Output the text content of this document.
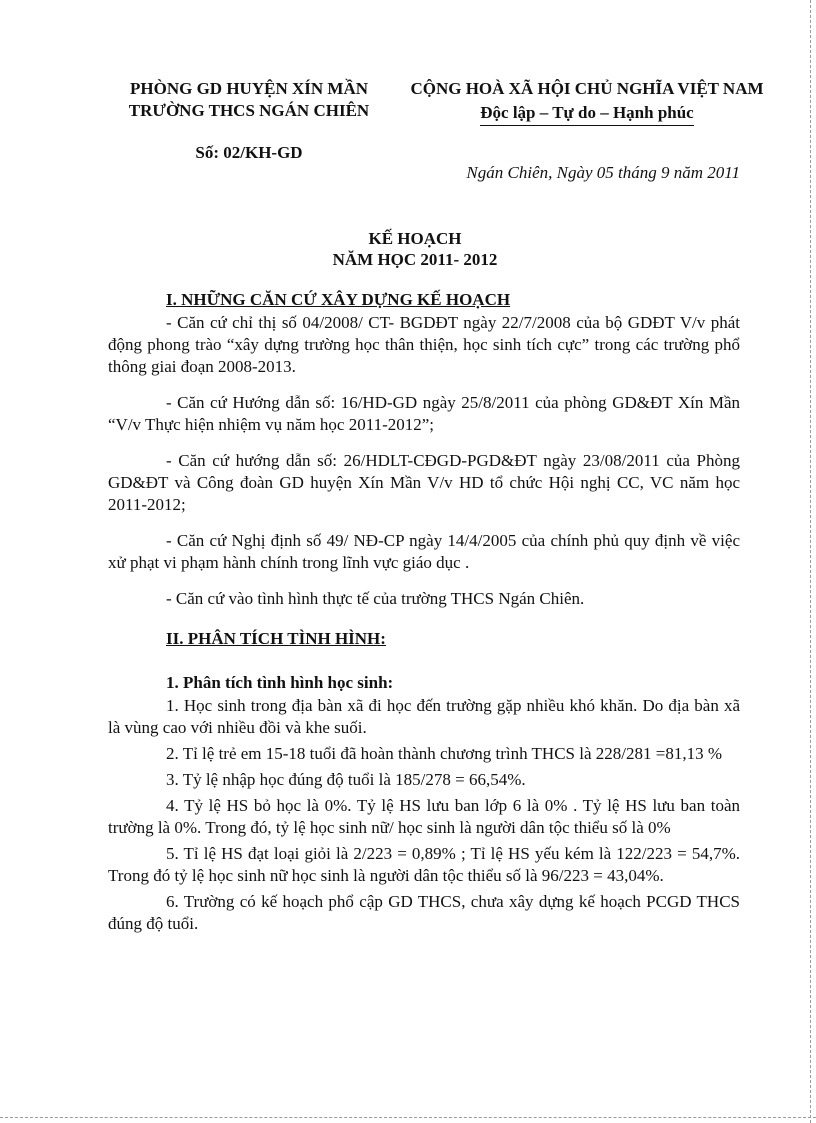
PHÒNG GD HUYỆN XÍN MẦN
TRƯỜNG THCS NGÁN CHIÊN
Số: 02/KH-GD
CỘNG HOÀ XÃ HỘI CHỦ NGHĨA VIỆT NAM
Độc lập – Tự do – Hạnh phúc
Ngán Chiên, Ngày 05 tháng 9 năm 2011
KẾ HOẠCH
NĂM HỌC 2011- 2012
I. NHỮNG CĂN CỨ XÂY DỰNG KẾ HOẠCH

- Căn cứ chỉ thị số 04/2008/ CT- BGDĐT ngày 22/7/2008 của bộ GDĐT V/v phát động phong trào “xây dựng trường học thân thiện, học sinh tích cực” trong các trường phổ thông giai đoạn 2008-2013.

- Căn cứ Hướng dẫn số: 16/HD-GD ngày 25/8/2011 của phòng GD&ĐT Xín Mần “V/v Thực hiện nhiệm vụ năm học 2011-2012”;

- Căn cứ hướng dẫn số: 26/HDLT-CĐGD-PGD&ĐT ngày 23/08/2011 của Phòng GD&ĐT và Công đoàn GD huyện Xín Mần V/v HD tổ chức Hội nghị CC, VC năm học 2011-2012;

- Căn cứ Nghị định số 49/ NĐ-CP ngày 14/4/2005 của chính phủ quy định về việc xử phạt vi phạm hành chính trong lĩnh vực giáo dục .

- Căn cứ vào tình hình thực tế của trường THCS Ngán Chiên.

II. PHÂN TÍCH TÌNH HÌNH:
1. Phân tích tình hình học sinh:

1. Học sinh trong địa bàn xã đi học đến trường gặp nhiều khó khăn. Do địa bàn xã là vùng cao với nhiều đồi và khe suối.

2. Tỉ lệ trẻ em 15-18 tuổi đã hoàn thành chương trình THCS là 228/281 =81,13 %

3. Tỷ lệ nhập học đúng độ tuổi là 185/278 = 66,54%.

4. Tỷ lệ HS bỏ học là 0%. Tỷ lệ HS lưu ban lớp 6 là 0% . Tỷ lệ HS lưu ban toàn trường là 0%. Trong đó, tỷ lệ học sinh nữ/ học sinh là người dân tộc thiểu số là 0%

5. Tỉ lệ HS đạt loại giỏi là 2/223 = 0,89% ; Tỉ lệ HS yếu kém là 122/223 = 54,7%. Trong đó tỷ lệ học sinh nữ học sinh là người dân tộc thiểu số là 96/223 = 43,04%.

6. Trường có kế hoạch phổ cập GD THCS, chưa xây dựng kế hoạch PCGD THCS đúng độ tuổi.
